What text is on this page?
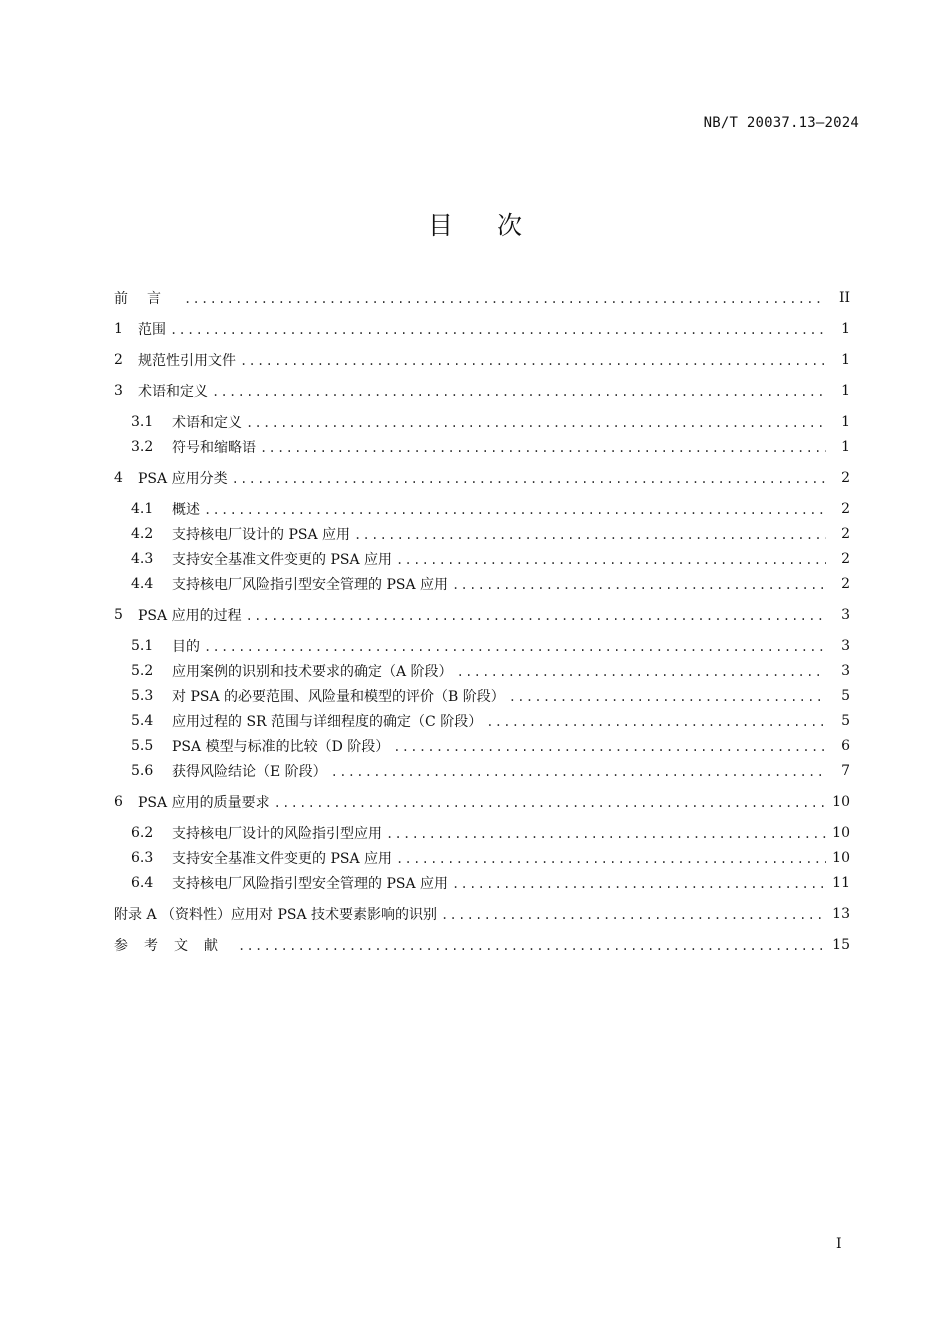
NB/T 20037.13—2024
目次
前言 .....	II
1	范围 .....	1
2	规范性引用文件 .....	1
3	术语和定义 .....	1
3.1	术语和定义 .....	1
3.2	符号和缩略语 .....	1
4	PSA 应用分类 .....	2
4.1	概述 .....	2
4.2	支持核电厂设计的 PSA 应用 .....	2
4.3	支持安全基准文件变更的 PSA 应用 .....	2
4.4	支持核电厂风险指引型安全管理的 PSA 应用 .....	2
5	PSA 应用的过程 .....	3
5.1	目的 .....	3
5.2	应用案例的识别和技术要求的确定（A 阶段） .....	3
5.3	对 PSA 的必要范围、风险量和模型的评价（B 阶段） .....	5
5.4	应用过程的 SR 范围与详细程度的确定（C 阶段） .....	5
5.5	PSA 模型与标准的比较（D 阶段） .....	6
5.6	获得风险结论（E 阶段） .....	7
6	PSA 应用的质量要求 .....	10
6.2	支持核电厂设计的风险指引型应用 .....	10
6.3	支持安全基准文件变更的 PSA 应用 .....	10
6.4	支持核电厂风险指引型安全管理的 PSA 应用 .....	11
附录 A （资料性）应用对 PSA 技术要素影响的识别 .....	13
参考文献 .....	15
I
